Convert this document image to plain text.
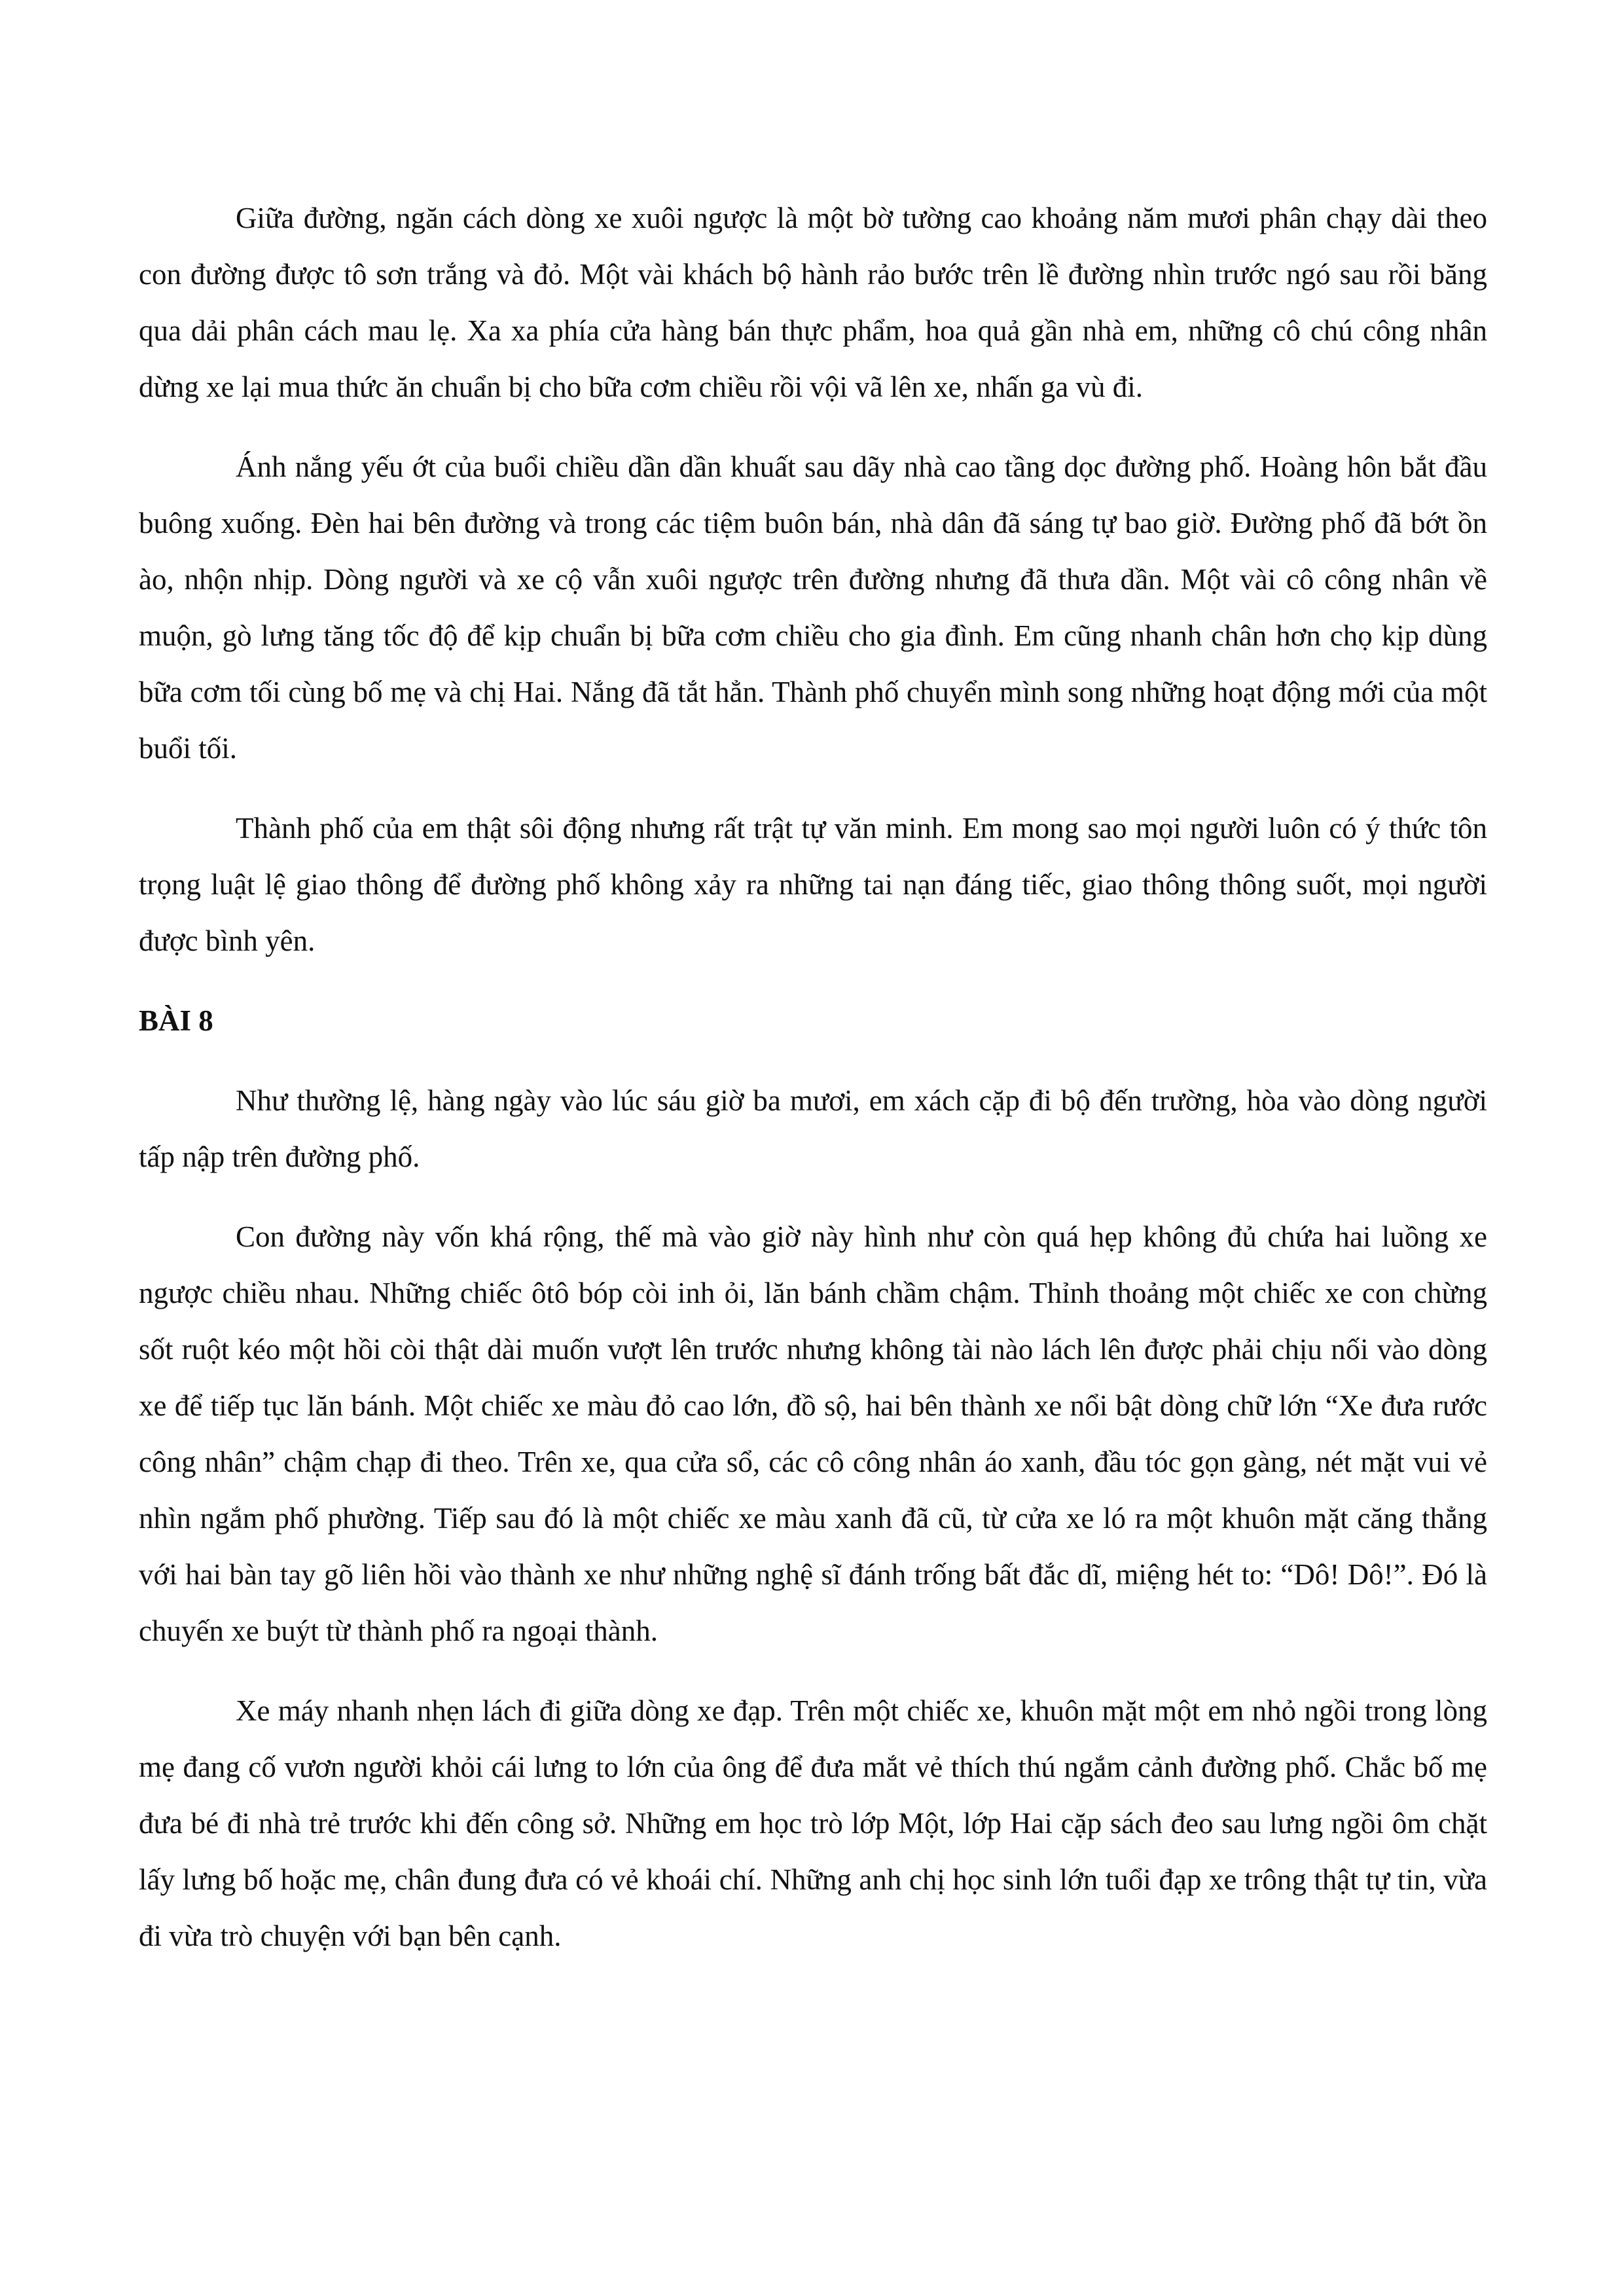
Giữa đường, ngăn cách dòng xe xuôi ngược là một bờ tường cao khoảng năm mươi phân chạy dài theo con đường được tô sơn trắng và đỏ. Một vài khách bộ hành rảo bước trên lề đường nhìn trước ngó sau rồi băng qua dải phân cách mau lẹ. Xa xa phía cửa hàng bán thực phẩm, hoa quả gần nhà em, những cô chú công nhân dừng xe lại mua thức ăn chuẩn bị cho bữa cơm chiều rồi vội vã lên xe, nhấn ga vù đi.

Ánh nắng yếu ớt của buổi chiều dần dần khuất sau dãy nhà cao tầng dọc đường phố. Hoàng hôn bắt đầu buông xuống. Đèn hai bên đường và trong các tiệm buôn bán, nhà dân đã sáng tự bao giờ. Đường phố đã bớt ồn ào, nhộn nhịp. Dòng người và xe cộ vẫn xuôi ngược trên đường nhưng đã thưa dần. Một vài cô công nhân về muộn, gò lưng tăng tốc độ để kịp chuẩn bị bữa cơm chiều cho gia đình. Em cũng nhanh chân hơn chọ kịp dùng bữa cơm tối cùng bố mẹ và chị Hai. Nắng đã tắt hẳn. Thành phố chuyển mình song những hoạt động mới của một buổi tối.

Thành phố của em thật sôi động nhưng rất trật tự văn minh. Em mong sao mọi người luôn có ý thức tôn trọng luật lệ giao thông để đường phố không xảy ra những tai nạn đáng tiếc, giao thông thông suốt, mọi người được bình yên.

BÀI 8

Như thường lệ, hàng ngày vào lúc sáu giờ ba mươi, em xách cặp đi bộ đến trường, hòa vào dòng người tấp nập trên đường phố.

Con đường này vốn khá rộng, thế mà vào giờ này hình như còn quá hẹp không đủ chứa hai luồng xe ngược chiều nhau. Những chiếc ôtô bóp còi inh ỏi, lăn bánh chầm chậm. Thỉnh thoảng một chiếc xe con chừng sốt ruột kéo một hồi còi thật dài muốn vượt lên trước nhưng không tài nào lách lên được phải chịu nối vào dòng xe để tiếp tục lăn bánh. Một chiếc xe màu đỏ cao lớn, đồ sộ, hai bên thành xe nổi bật dòng chữ lớn “Xe đưa rước công nhân” chậm chạp đi theo. Trên xe, qua cửa sổ, các cô công nhân áo xanh, đầu tóc gọn gàng, nét mặt vui vẻ nhìn ngắm phố phường. Tiếp sau đó là một chiếc xe màu xanh đã cũ, từ cửa xe ló ra một khuôn mặt căng thẳng với hai bàn tay gõ liên hồi vào thành xe như những nghệ sĩ đánh trống bất đắc dĩ, miệng hét to: “Dô! Dô!”. Đó là chuyến xe buýt từ thành phố ra ngoại thành.

Xe máy nhanh nhẹn lách đi giữa dòng xe đạp. Trên một chiếc xe, khuôn mặt một em nhỏ ngồi trong lòng mẹ đang cố vươn người khỏi cái lưng to lớn của ông để đưa mắt vẻ thích thú ngắm cảnh đường phố. Chắc bố mẹ đưa bé đi nhà trẻ trước khi đến công sở. Những em học trò lớp Một, lớp Hai cặp sách đeo sau lưng ngồi ôm chặt lấy lưng bố hoặc mẹ, chân đung đưa có vẻ khoái chí. Những anh chị học sinh lớn tuổi đạp xe trông thật tự tin, vừa đi vừa trò chuyện với bạn bên cạnh.
